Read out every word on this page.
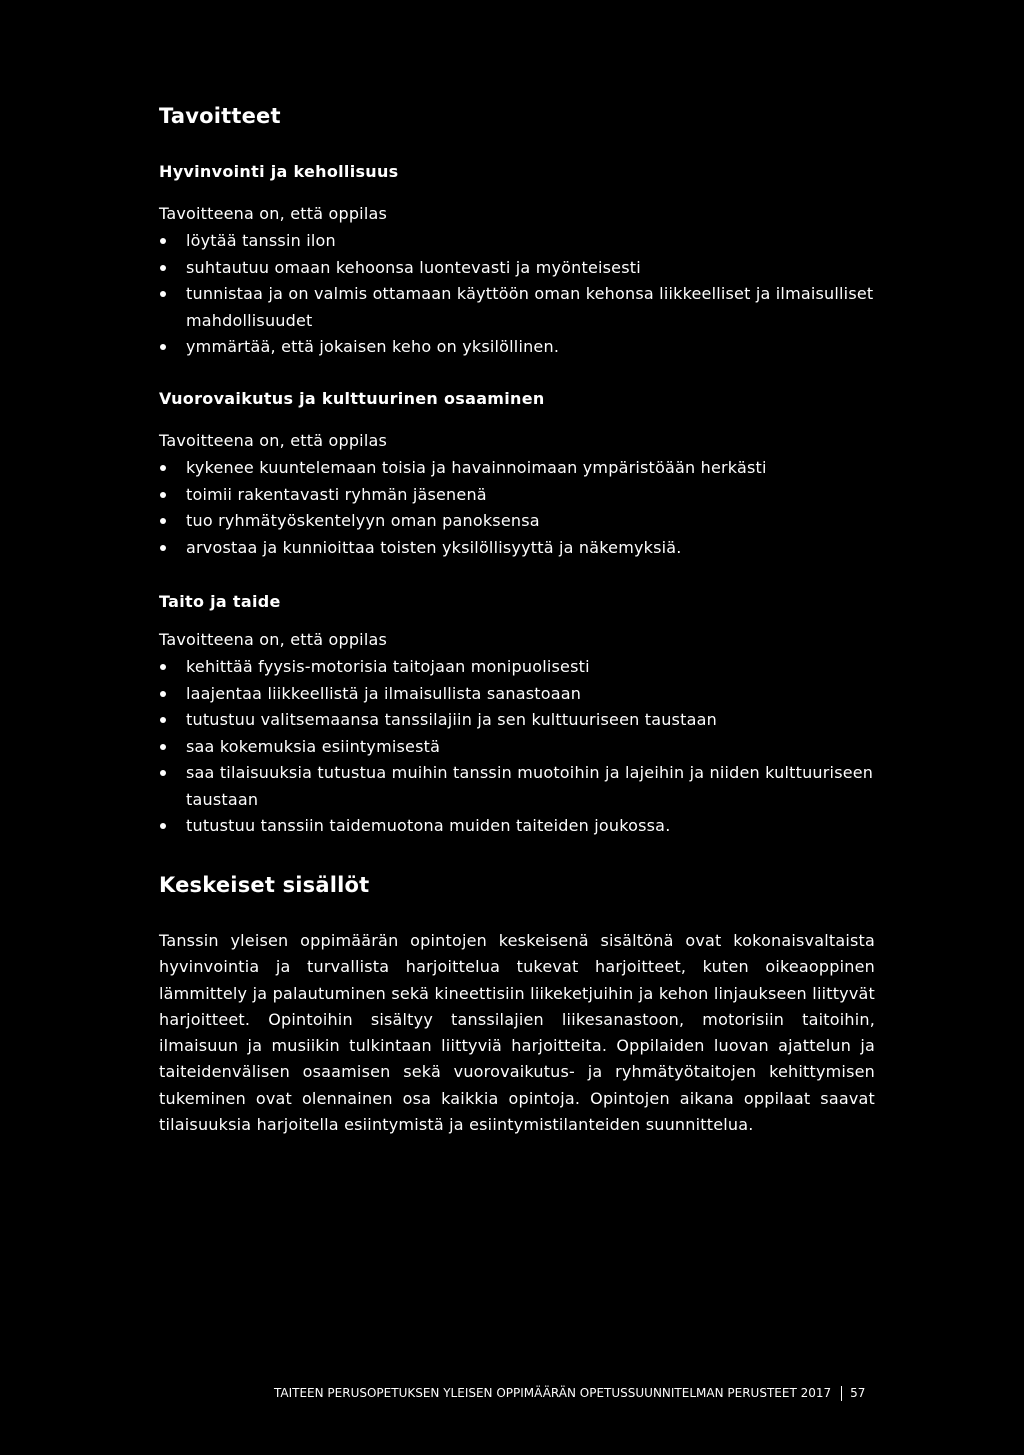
Tavoitteet
Hyvinvointi ja kehollisuus

Tavoitteena on, että oppilas

löytää tanssin ilon
suhtautuu omaan kehoonsa luontevasti ja myönteisesti
tunnistaa ja on valmis ottamaan käyttöön oman kehonsa liikkeelliset ja ilmaisulliset mahdollisuudet
ymmärtää, että jokaisen keho on yksilöllinen.
Vuorovaikutus ja kulttuurinen osaaminen

Tavoitteena on, että oppilas

kykenee kuuntelemaan toisia ja havainnoimaan ympäristöään herkästi
toimii rakentavasti ryhmän jäsenenä
tuo ryhmätyöskentelyyn oman panoksensa
arvostaa ja kunnioittaa toisten yksilöllisyyttä ja näkemyksiä.
Taito ja taide

Tavoitteena on, että oppilas

kehittää fyysis-motorisia taitojaan monipuolisesti
laajentaa liikkeellistä ja ilmaisullista sanastoaan
tutustuu valitsemaansa tanssilajiin ja sen kulttuuriseen taustaan
saa kokemuksia esiintymisestä
saa tilaisuuksia tutustua muihin tanssin muotoihin ja lajeihin ja niiden kulttuuriseen taustaan
tutustuu tanssiin taidemuotona muiden taiteiden joukossa.
Keskeiset sisällöt

Tanssin yleisen oppimäärän opintojen keskeisenä sisältönä ovat kokonaisvaltaista hyvinvointia ja turvallista harjoittelua tukevat harjoitteet, kuten oikeaoppinen lämmittely ja palautuminen sekä kineettisiin liikeketjuihin ja kehon linjaukseen liittyvät harjoitteet. Opintoihin sisältyy tanssilajien liikesanastoon, motorisiin taitoihin, ilmaisuun ja musiikin tulkintaan liittyviä harjoitteita. Oppilaiden luovan ajattelun ja taiteidenvälisen osaamisen sekä vuorovaikutus- ja ryhmätyötaitojen kehittymisen tukeminen ovat olennainen osa kaikkia opintoja. Opintojen aikana oppilaat saavat tilaisuuksia harjoitella esiintymistä ja esiintymistilanteiden suunnittelua.

TAITEEN PERUSOPETUKSEN YLEISEN OPPIMÄÄRÄN OPETUSSUUNNITELMAN PERUSTEET 2017 57
